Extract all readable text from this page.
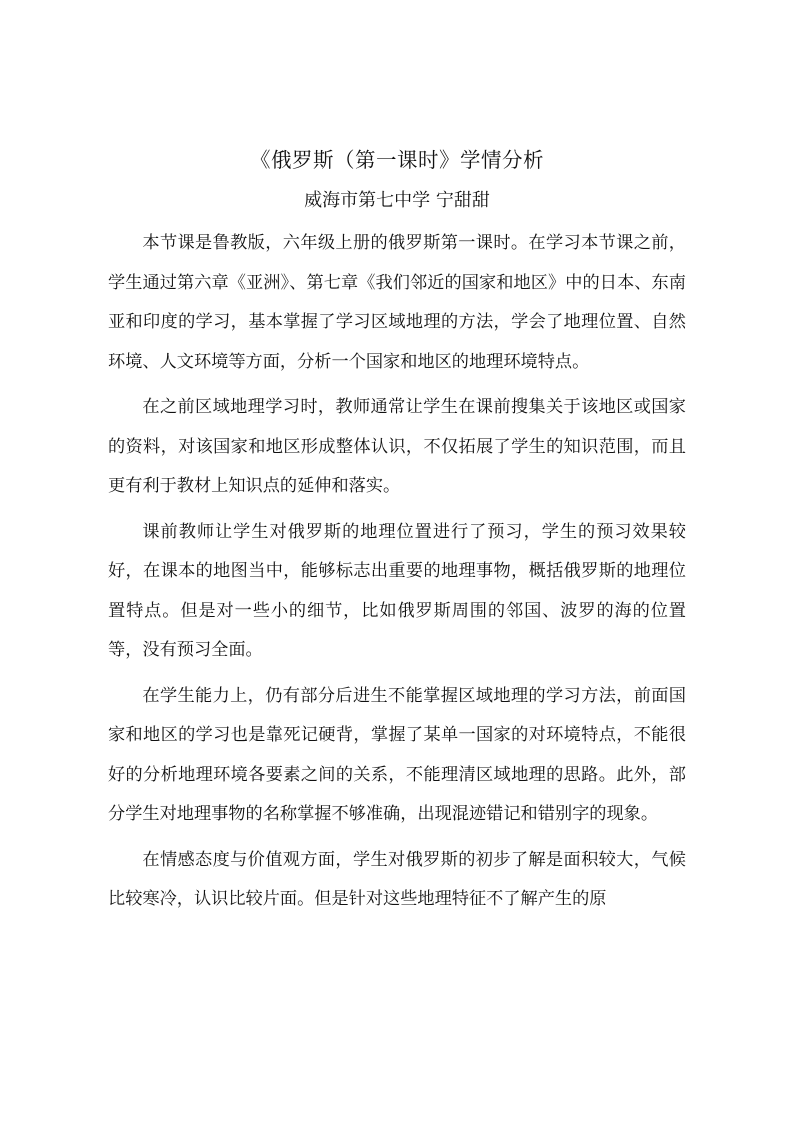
《俄罗斯（第一课时》学情分析
威海市第七中学 宁甜甜

本节课是鲁教版，六年级上册的俄罗斯第一课时。在学习本节课之前，学生通过第六章《亚洲》、第七章《我们邻近的国家和地区》中的日本、东南亚和印度的学习，基本掌握了学习区域地理的方法，学会了地理位置、自然环境、人文环境等方面，分析一个国家和地区的地理环境特点。

在之前区域地理学习时，教师通常让学生在课前搜集关于该地区或国家的资料，对该国家和地区形成整体认识，不仅拓展了学生的知识范围，而且更有利于教材上知识点的延伸和落实。

课前教师让学生对俄罗斯的地理位置进行了预习，学生的预习效果较好，在课本的地图当中，能够标志出重要的地理事物，概括俄罗斯的地理位置特点。但是对一些小的细节，比如俄罗斯周围的邻国、波罗的海的位置等，没有预习全面。

在学生能力上，仍有部分后进生不能掌握区域地理的学习方法，前面国家和地区的学习也是靠死记硬背，掌握了某单一国家的对环境特点，不能很好的分析地理环境各要素之间的关系，不能理清区域地理的思路。此外，部分学生对地理事物的名称掌握不够准确，出现混迹错记和错别字的现象。

在情感态度与价值观方面，学生对俄罗斯的初步了解是面积较大，气候比较寒冷，认识比较片面。但是针对这些地理特征不了解产生的原
